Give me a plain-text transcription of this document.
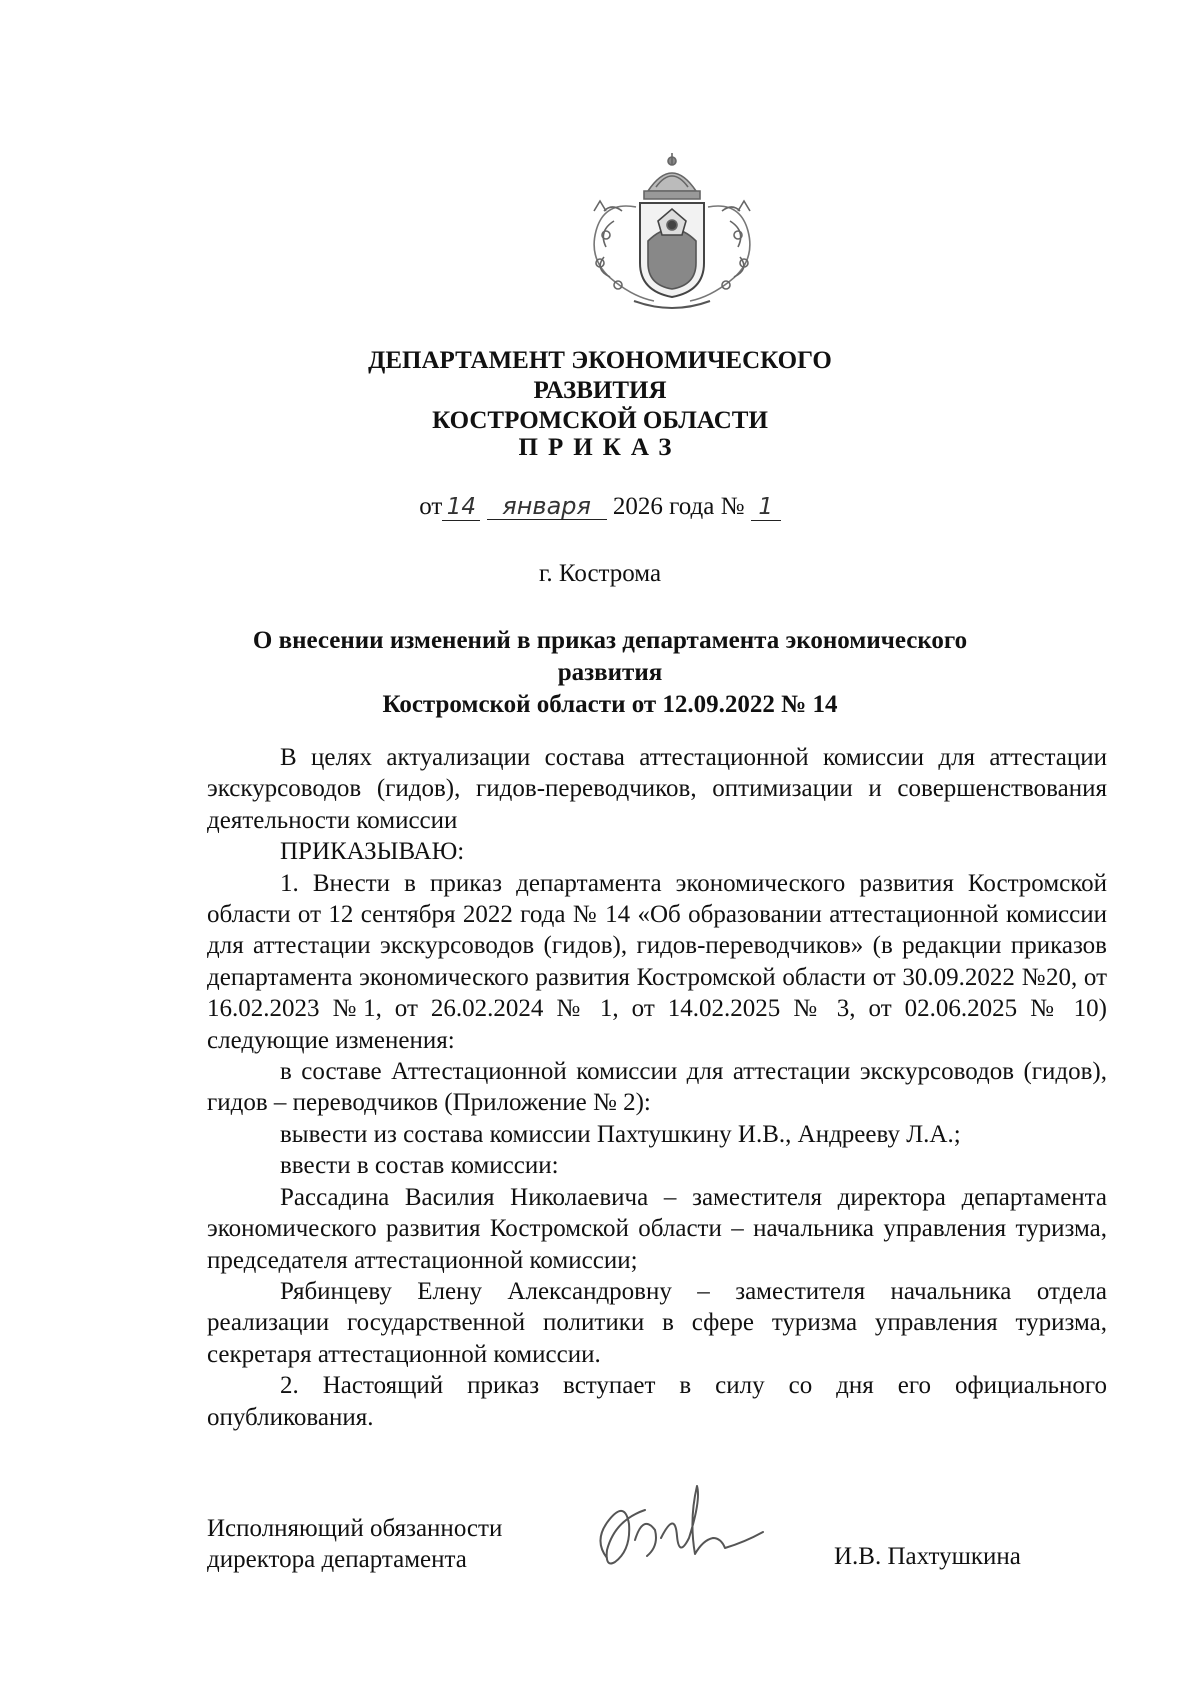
ДЕПАРТАМЕНТ ЭКОНОМИЧЕСКОГО РАЗВИТИЯ
КОСТРОМСКОЙ ОБЛАСТИ
ПРИКАЗ
от 14 января 2026 года № 1
г. Кострома
О внесении изменений в приказ департамента экономического развития
Костромской области от 12.09.2022 № 14

В целях актуализации состава аттестационной комиссии для аттестации экскурсоводов (гидов), гидов-переводчиков, оптимизации и совершенствования деятельности комиссии

ПРИКАЗЫВАЮ:

1. Внести в приказ департамента экономического развития Костромской области от 12 сентября 2022 года № 14 «Об образовании аттестационной комиссии для аттестации экскурсоводов (гидов), гидов-переводчиков» (в редакции приказов департамента экономического развития Костромской области от 30.09.2022 №20, от 16.02.2023 №1, от 26.02.2024 № 1, от 14.02.2025 № 3, от 02.06.2025 № 10) следующие изменения:

в составе Аттестационной комиссии для аттестации экскурсоводов (гидов), гидов – переводчиков (Приложение № 2):

вывести из состава комиссии Пахтушкину И.В., Андрееву Л.А.;

ввести в состав комиссии:

Рассадина Василия Николаевича – заместителя директора департамента экономического развития Костромской области – начальника управления туризма, председателя аттестационной комиссии;

Рябинцеву Елену Александровну – заместителя начальника отдела реализации государственной политики в сфере туризма управления туризма, секретаря аттестационной комиссии.

2. Настоящий приказ вступает в силу со дня его официального опубликования.

Исполняющий обязанности
директора департамента	И.В. Пахтушкина
